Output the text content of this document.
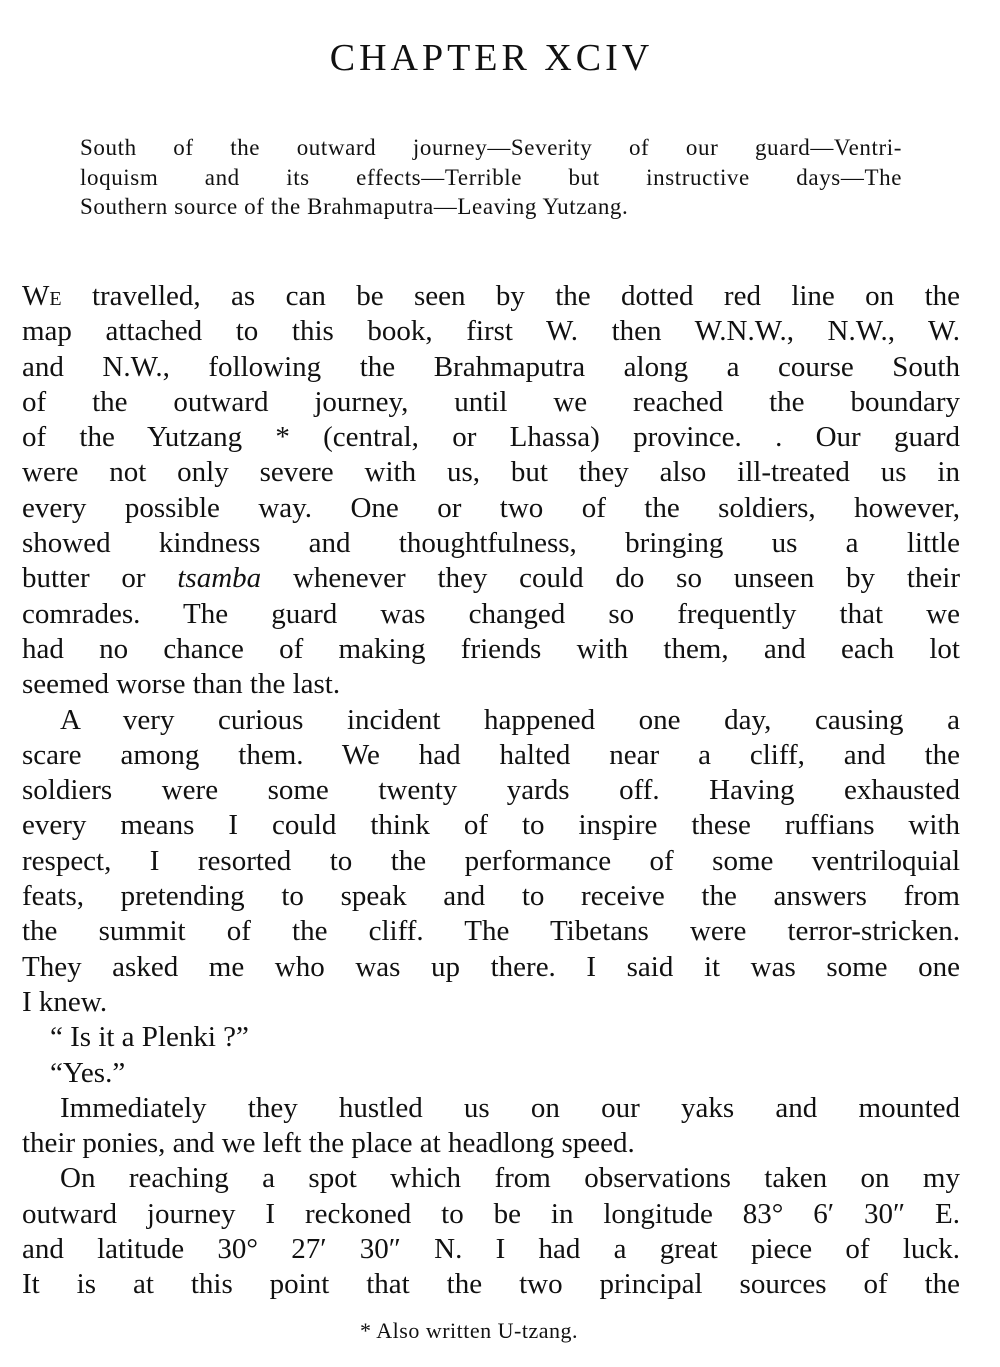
CHAPTER XCIV
South of the outward journey—Severity of our guard—Ventri-
loquism and its effects—Terrible but instructive days—The
Southern source of the Brahmaputra—Leaving Yutzang.
We travelled, as can be seen by the dotted red line on the
map attached to this book, first W. then W.N.W., N.W., W.
and N.W., following the Brahmaputra along a course South
of the outward journey, until we reached the boundary
of the Yutzang * (central, or Lhassa) province. . Our guard
were not only severe with us, but they also ill-treated us in
every possible way. One or two of the soldiers, however,
showed kindness and thoughtfulness, bringing us a little
butter or tsamba whenever they could do so unseen by their
comrades. The guard was changed so frequently that we
had no chance of making friends with them, and each lot
seemed worse than the last.
A very curious incident happened one day, causing a
scare among them. We had halted near a cliff, and the
soldiers were some twenty yards off. Having exhausted
every means I could think of to inspire these ruffians with
respect, I resorted to the performance of some ventriloquial
feats, pretending to speak and to receive the answers from
the summit of the cliff. The Tibetans were terror-stricken.
They asked me who was up there. I said it was some one
I knew.
“ Is it a Plenki ?”
“Yes.”
Immediately they hustled us on our yaks and mounted
their ponies, and we left the place at headlong speed.
On reaching a spot which from observations taken on my
outward journey I reckoned to be in longitude 83° 6′ 30″ E.
and latitude 30° 27′ 30″ N. I had a great piece of luck.
It is at this point that the two principal sources of the
* Also written U-tzang.
